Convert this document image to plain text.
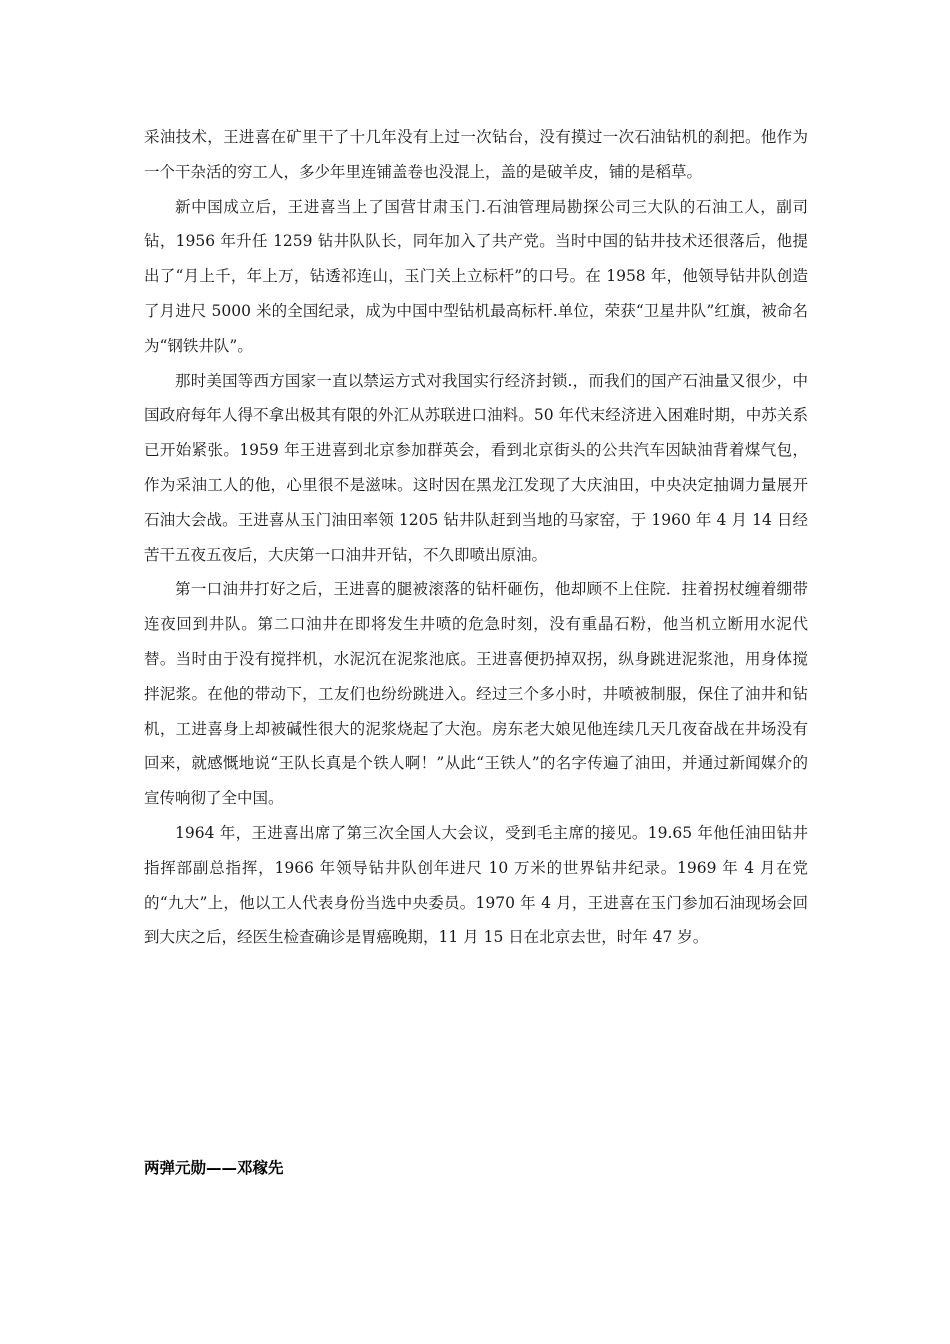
采油技术，王进喜在矿里干了十几年没有上过一次钻台，没有摸过一次石油钻机的刹把。他作为一个干杂活的穷工人，多少年里连铺盖卷也没混上，盖的是破羊皮，铺的是稻草。

新中国成立后，王进喜当上了国营甘肃玉门.石油管理局勘探公司三大队的石油工人，副司钻，1956 年升任 1259 钻井队队长，同年加入了共产党。当时中国的钻井技术还很落后，他提出了“月上千，年上万，钻透祁连山，玉门关上立标杆”的口号。在 1958 年，他领导钻井队创造了月进尺 5000 米的全国纪录，成为中国中型钻机最高标杆.单位，荣获“卫星井队”红旗，被命名为“钢铁井队”。

那时美国等西方国家一直以禁运方式对我国实行经济封锁.，而我们的国产石油量又很少，中国政府每年人得不拿出极其有限的外汇从苏联进口油料。50 年代末经济进入困难时期，中苏关系已开始紧张。1959 年王进喜到北京参加群英会，看到北京街头的公共汽车因缺油背着煤气包，作为采油工人的他，心里很不是滋味。这时因在黑龙江发现了大庆油田，中央决定抽调力量展开石油大会战。王进喜从玉门油田率领 1205 钻井队赶到当地的马家窑，于 1960 年 4 月 14 日经苦干五夜五夜后，大庆第一口油井开钻，不久即喷出原油。

第一口油井打好之后，王进喜的腿被滚落的钻杆砸伤，他却顾不上住院．拄着拐杖缠着绷带连夜回到井队。第二口油井在即将发生井喷的危急时刻，没有重晶石粉，他当机立断用水泥代替。当时由于没有搅拌机，水泥沉在泥浆池底。王进喜便扔掉双拐，纵身跳进泥浆池，用身体搅拌泥浆。在他的带动下，工友们也纷纷跳进入。经过三个多小时，井喷被制服，保住了油井和钻机，工进喜身上却被碱性很大的泥浆烧起了大泡。房东老大娘见他连续几天几夜奋战在井场没有回来，就感慨地说“王队长真是个铁人啊！”从此“王铁人”的名字传遍了油田，并通过新闻媒介的宣传响彻了全中国。

1964 年，王进喜出席了第三次全国人大会议，受到毛主席的接见。19.65 年他任油田钻井指挥部副总指挥，1966 年领导钻井队创年进尺 10 万米的世界钻井纪录。1969 年 4 月在党的“九大”上，他以工人代表身份当选中央委员。1970 年 4 月，王进喜在玉门参加石油现场会回到大庆之后，经医生检查确诊是胃癌晚期，11 月 15 日在北京去世，时年 47 岁。

两弹元勋——邓稼先
